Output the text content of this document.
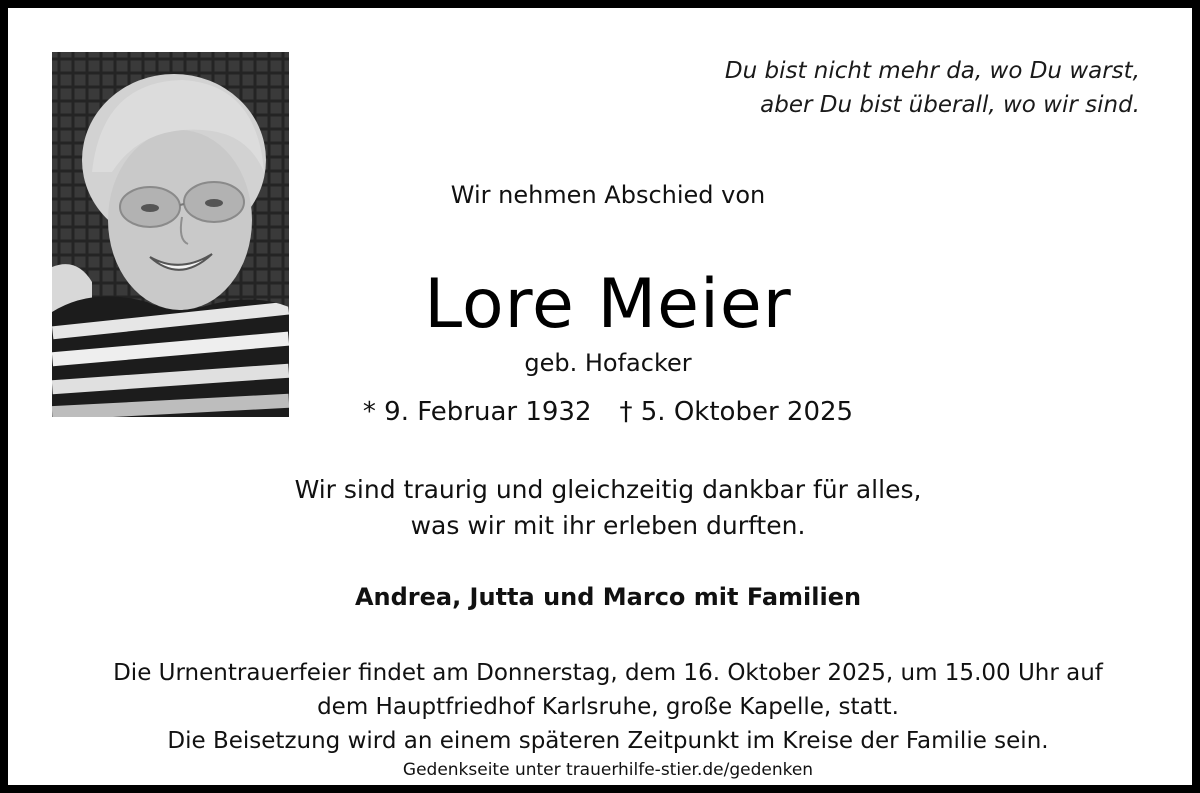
Du bist nicht mehr da, wo Du warst,
aber Du bist überall, wo wir sind.
Wir nehmen Abschied von
Lore Meier
geb. Hofacker
* 9. Februar 1932 † 5. Oktober 2025
Wir sind traurig und gleichzeitig dankbar für alles,
was wir mit ihr erleben durften.
Andrea, Jutta und Marco mit Familien
Die Urnentrauerfeier findet am Donnerstag, dem 16. Oktober 2025, um 15.00 Uhr auf
dem Hauptfriedhof Karlsruhe, große Kapelle, statt.
Die Beisetzung wird an einem späteren Zeitpunkt im Kreise der Familie sein.
Gedenkseite unter trauerhilfe-stier.de/gedenken
